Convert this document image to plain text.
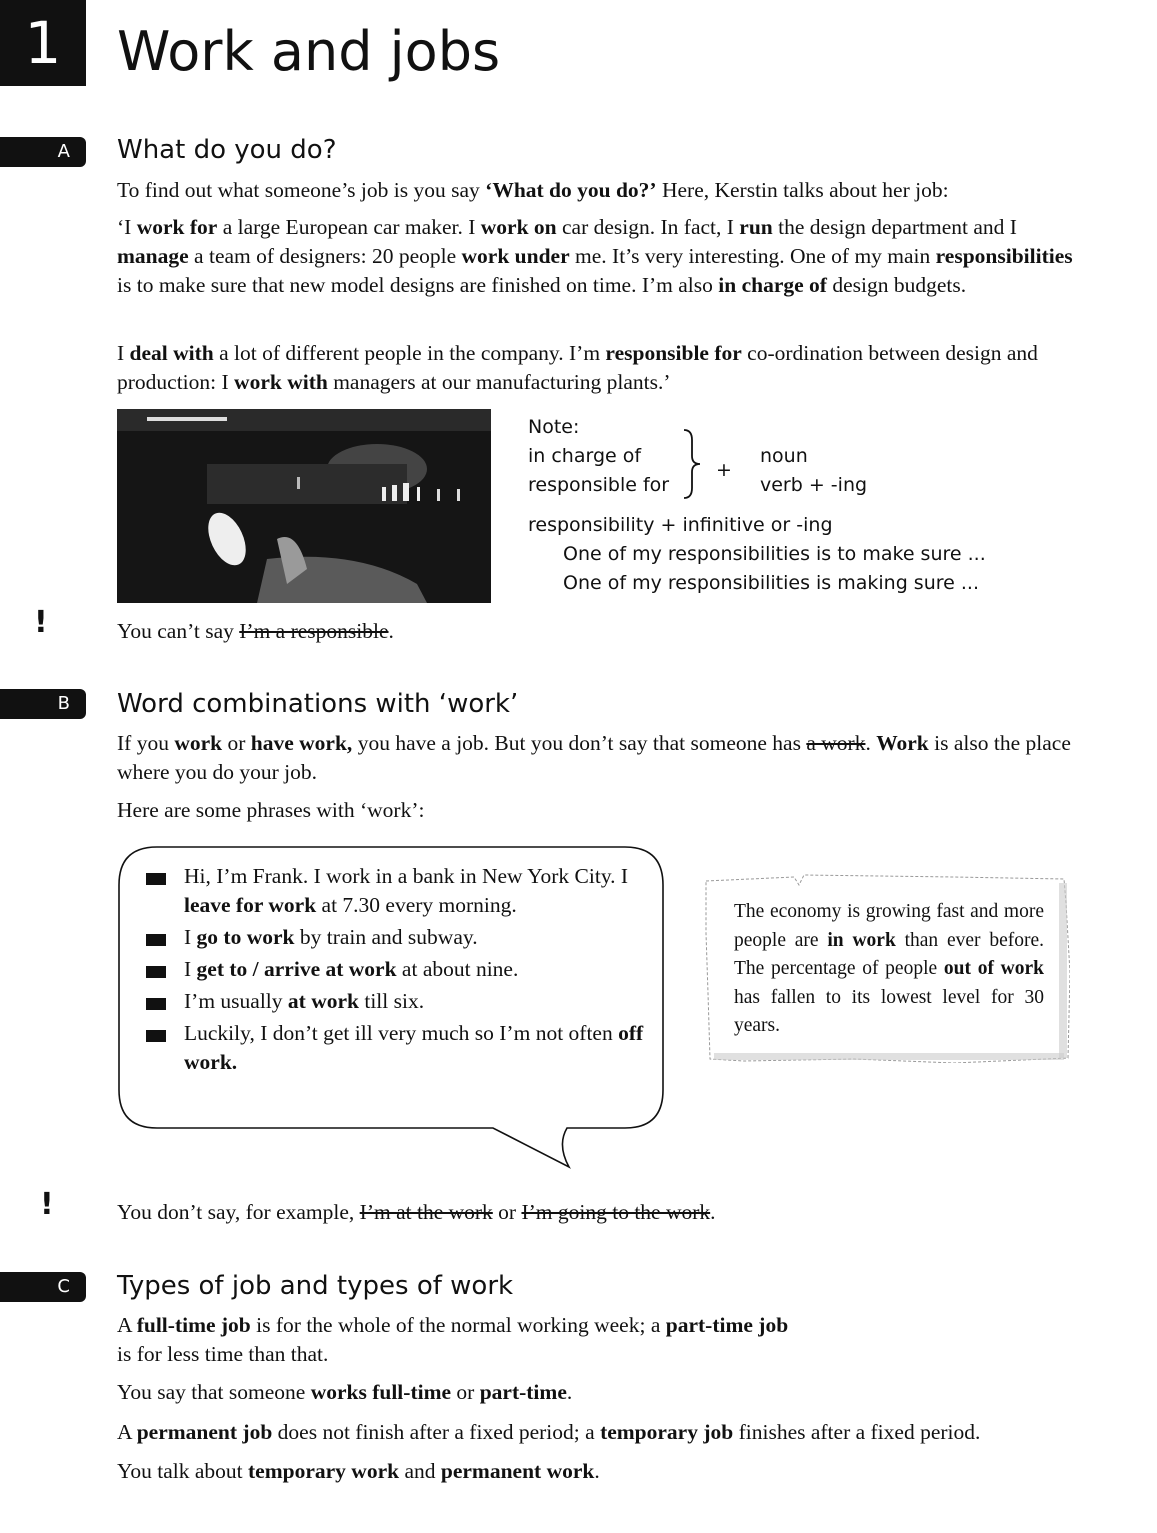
1	Work and jobs
A	What do you do?

To find out what someone’s job is you say ‘What do you do?’ Here, Kerstin talks about her job:

‘I work for a large European car maker. I work on car design. In fact, I run the design department and I manage a team of designers: 20 people work under me. It’s very interesting. One of my main responsibilities is to make sure that new model designs are finished on time. I’m also in charge of design budgets.

I deal with a lot of different people in the company. I’m responsible for co-ordination between design and production: I work with managers at our manufacturing plants.’

Note:
in charge of
responsible for
+
noun
verb + -ing
responsibility + infinitive or -ing
One of my responsibilities is to make sure ...
One of my responsibilities is making sure ...
!	You can’t say I’m a responsible.

B	Word combinations with ‘work’

If you work or have work, you have a job. But you don’t say that someone has a work. Work is also the place where you do your job.

Here are some phrases with ‘work’:

Hi, I’m Frank. I work in a bank in New York City. I leave for work at 7.30 every morning.
I go to work by train and subway.
I get to / arrive at work at about nine.
I’m usually at work till six.
Luckily, I don’t get ill very much so I’m not often off work.
The economy is growing fast and more people are in work than ever before. The percentage of people out of work has fallen to its lowest level for 30 years.
!	You don’t say, for example, I’m at the work or I’m going to the work.

C	Types of job and types of work

A full-time job is for the whole of the normal working week; a part-time job
is for less time than that.

You say that someone works full-time or part-time.

A permanent job does not finish after a fixed period; a temporary job finishes after a fixed period.

You talk about temporary work and permanent work.
